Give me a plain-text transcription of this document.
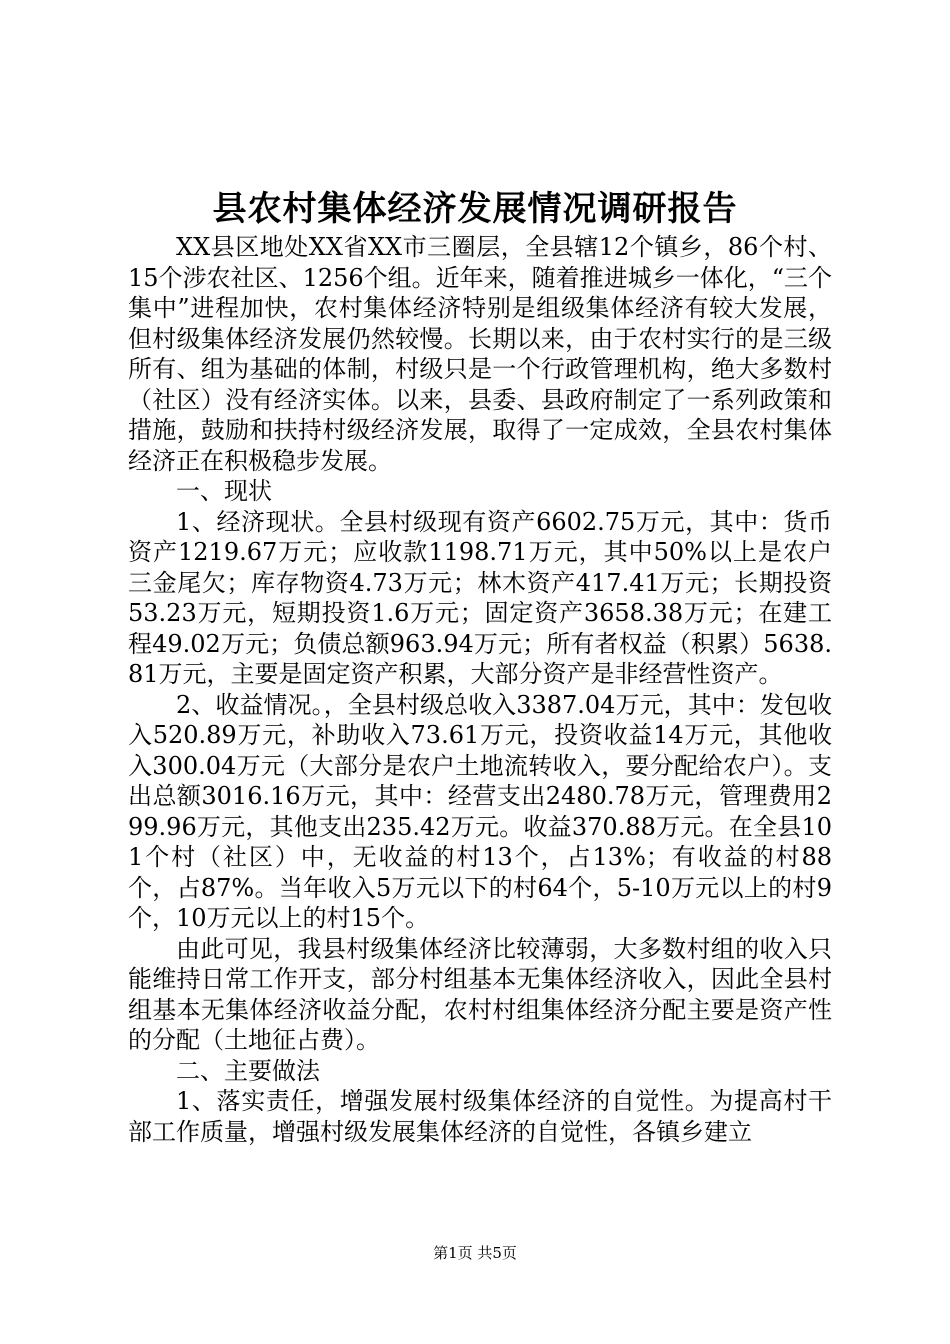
县农村集体经济发展情况调研报告

XX县区地处XX省XX市三圈层，全县辖12个镇乡，86个村、15个涉农社区、1256个组。近年来，随着推进城乡一体化，“三个集中”进程加快，农村集体经济特别是组级集体经济有较大发展，但村级集体经济发展仍然较慢。长期以来，由于农村实行的是三级所有、组为基础的体制，村级只是一个行政管理机构，绝大多数村（社区）没有经济实体。以来，县委、县政府制定了一系列政策和措施，鼓励和扶持村级经济发展，取得了一定成效，全县农村集体经济正在积极稳步发展。

一、现状

1、经济现状。全县村级现有资产6602.75万元，其中：货币资产1219.67万元；应收款1198.71万元，其中50%以上是农户三金尾欠；库存物资4.73万元；林木资产417.41万元；长期投资53.23万元，短期投资1.6万元；固定资产3658.38万元；在建工程49.02万元；负债总额963.94万元；所有者权益（积累）5638.81万元，主要是固定资产积累，大部分资产是非经营性资产。

2、收益情况。，全县村级总收入3387.04万元，其中：发包收入520.89万元，补助收入73.61万元，投资收益14万元，其他收入300.04万元（大部分是农户土地流转收入，要分配给农户）。支出总额3016.16万元，其中：经营支出2480.78万元，管理费用299.96万元，其他支出235.42万元。收益370.88万元。在全县101个村（社区）中，无收益的村13个，占13%；有收益的村88个，占87%。当年收入5万元以下的村64个，5-10万元以上的村9个，10万元以上的村15个。

由此可见，我县村级集体经济比较薄弱，大多数村组的收入只能维持日常工作开支，部分村组基本无集体经济收入，因此全县村组基本无集体经济收益分配，农村村组集体经济分配主要是资产性的分配（土地征占费）。

二、主要做法

1、落实责任，增强发展村级集体经济的自觉性。为提高村干部工作质量，增强村级发展集体经济的自觉性，各镇乡建立

第1页 共5页
